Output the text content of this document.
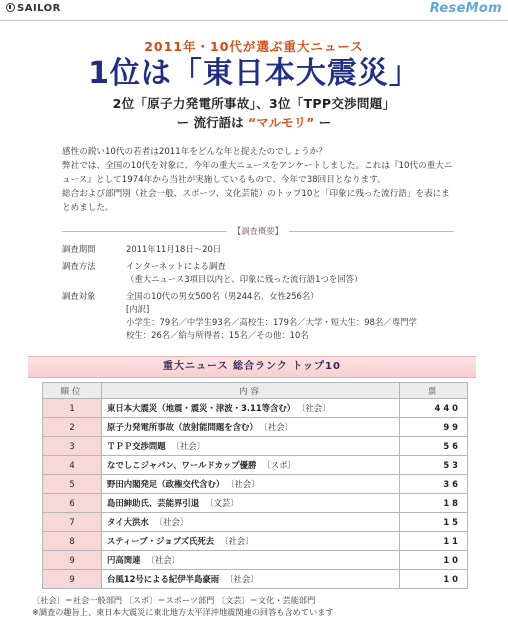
SAILOR	ReseMom
2011年・10代が選ぶ重大ニュース
1位は「東日本大震災」
2位「原子力発電所事故」、3位「TPP交渉問題」
ー 流行語は “マルモリ” ー
感性の鋭い10代の若者は2011年をどんな年と捉えたのでしょうか？
弊社では、全国の10代を対象に、今年の重大ニュースをアンケートしました。これは『10代の重大ニュース』として1974年から当社が実施しているもので、今年で38回目となります。
総合および部門別（社会一般、スポーツ、文化芸能）のトップ10と「印象に残った流行語」を表にまとめました。
【調査概要】
調査期間	2011年11月18日～20日
調査方法	インターネットによる調査
（重大ニュース3項目以内と、印象に残った流行語1つを回答）
調査対象	全国の10代の男女500名（男244名、女性256名）
[内訳]
小学生：79名／中学生93名／高校生：179名／大学・短大生：98名／専門学
校生：26名／給与所得者：15名／その他：10名
重大ニュース 総合ランク トップ10
順位	内容	票
1	東日本大震災（地震・震災・津波・3.11等含む） 〔社会〕	440
2	原子力発電所事故（放射能問題を含む） 〔社会〕	99
3	ＴＰＰ交渉問題 〔社会〕	56
4	なでしこジャパン、ワールドカップ優勝 〔スポ〕	53
5	野田内閣発足（政権交代含む） 〔社会〕	36
6	島田紳助氏、芸能界引退 〔文芸〕	18
7	タイ大洪水 〔社会〕	15
8	スティーブ・ジョブズ氏死去 〔社会〕	11
9	円高関連 〔社会〕	10
9	台風12号による紀伊半島豪雨 〔社会〕	10
〔社会〕＝社会一般部門 〔スポ〕＝スポーツ部門 〔文芸〕＝文化・芸能部門
※調査の趣旨上、東日本大震災に東北地方太平洋沖地震関連の回答も含めています
